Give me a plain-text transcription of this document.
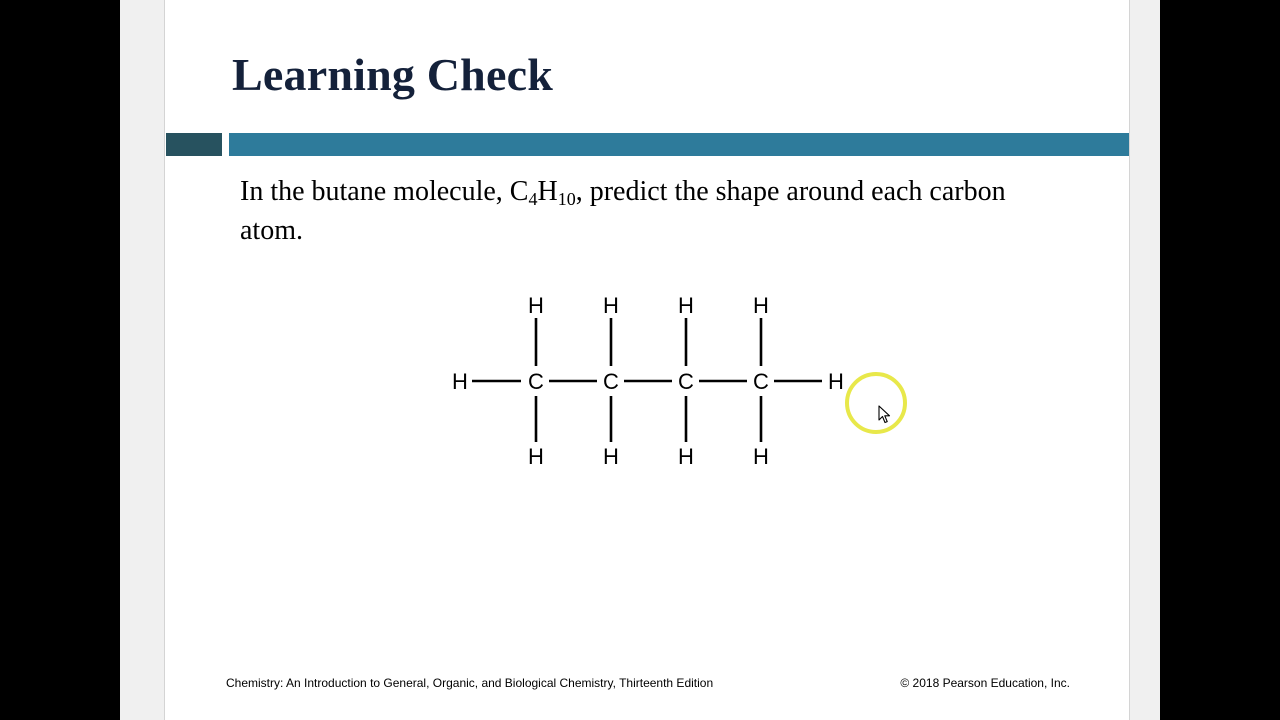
Learning Check

In the butane molecule, $C_4H_{10}$, predict the shape around each carbon atom.

H	C	C	C	C	H
H	H	H	H
H	H	H	H
Chemistry: An Introduction to General, Organic, and Biological Chemistry, Thirteenth Edition	© 2018 Pearson Education, Inc.
